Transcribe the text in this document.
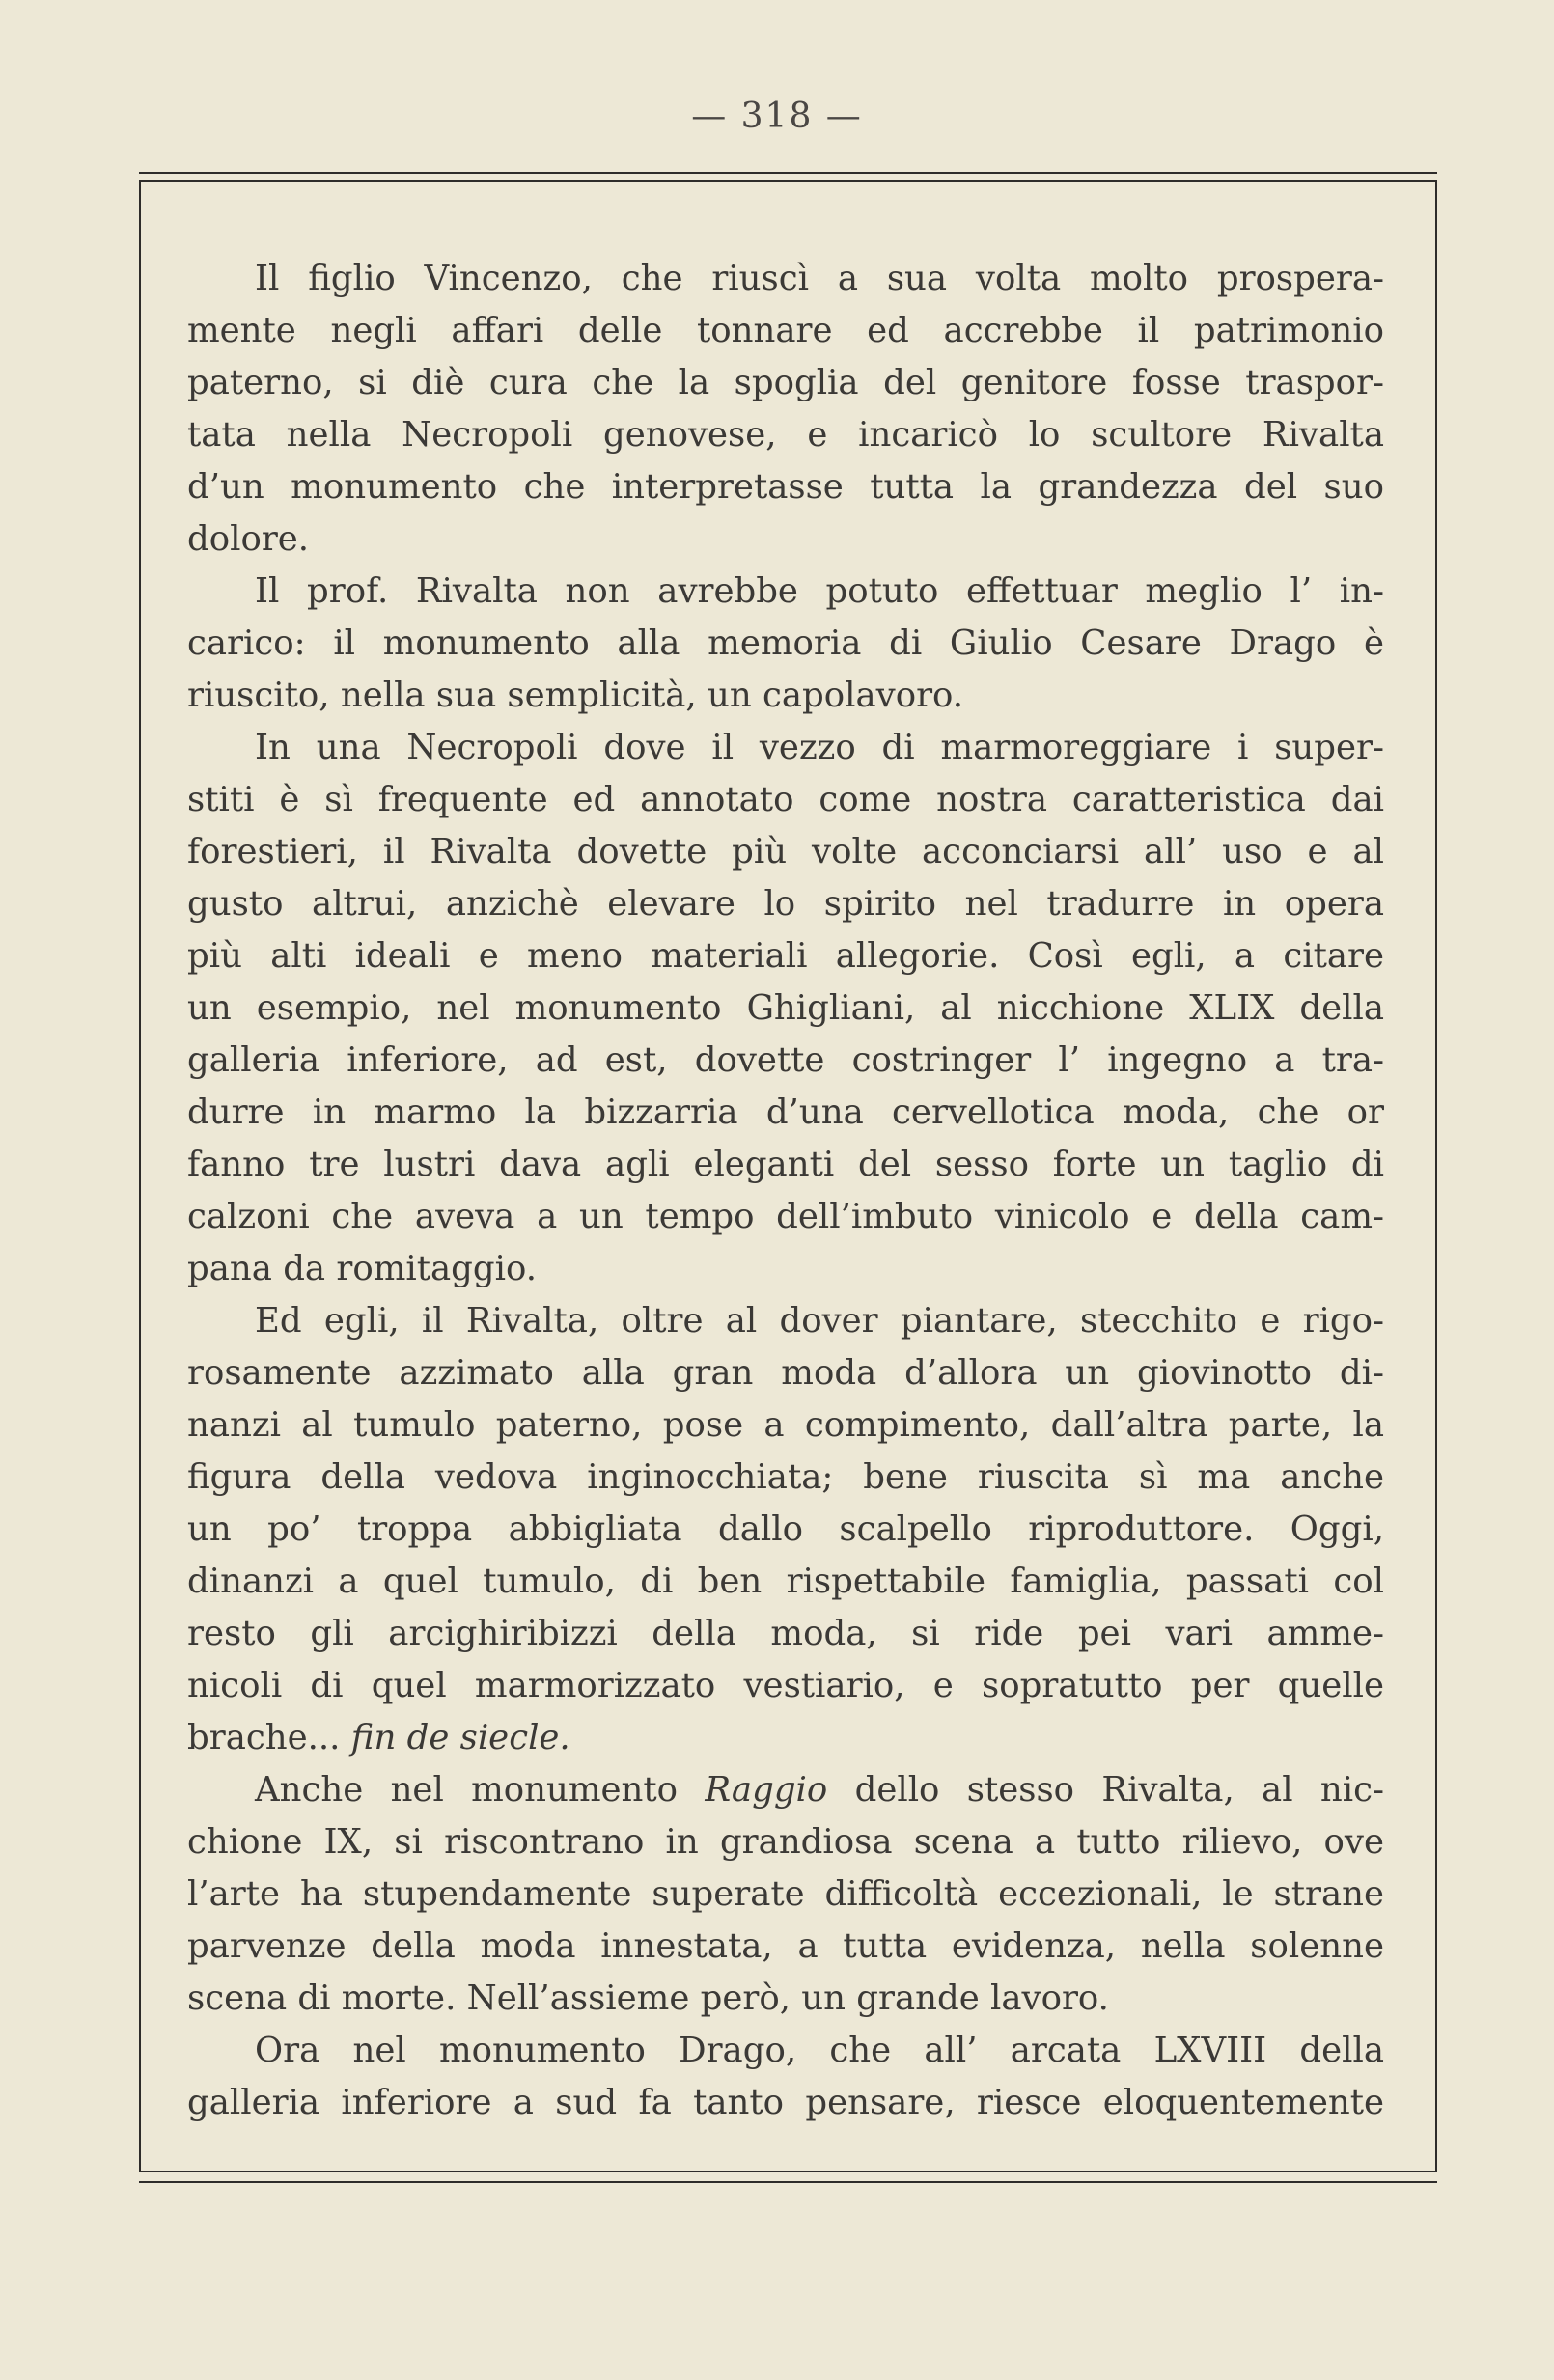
— 318 —
Il figlio Vincenzo, che riuscì a sua volta molto prospera-
mente negli affari delle tonnare ed accrebbe il patrimonio
paterno, si diè cura che la spoglia del genitore fosse traspor-
tata nella Necropoli genovese, e incaricò lo scultore Rivalta
d’un monumento che interpretasse tutta la grandezza del suo
dolore.
Il prof. Rivalta non avrebbe potuto effettuar meglio l’ in-
carico: il monumento alla memoria di Giulio Cesare Drago è
riuscito, nella sua semplicità, un capolavoro.
In una Necropoli dove il vezzo di marmoreggiare i super-
stiti è sì frequente ed annotato come nostra caratteristica dai
forestieri, il Rivalta dovette più volte acconciarsi all’ uso e al
gusto altrui, anzichè elevare lo spirito nel tradurre in opera
più alti ideali e meno materiali allegorie. Così egli, a citare
un esempio, nel monumento Ghigliani, al nicchione XLIX della
galleria inferiore, ad est, dovette costringer l’ ingegno a tra-
durre in marmo la bizzarria d’una cervellotica moda, che or
fanno tre lustri dava agli eleganti del sesso forte un taglio di
calzoni che aveva a un tempo dell’imbuto vinicolo e della cam-
pana da romitaggio.
Ed egli, il Rivalta, oltre al dover piantare, stecchito e rigo-
rosamente azzimato alla gran moda d’allora un giovinotto di-
nanzi al tumulo paterno, pose a compimento, dall’altra parte, la
figura della vedova inginocchiata; bene riuscita sì ma anche
un po’ troppa abbigliata dallo scalpello riproduttore. Oggi,
dinanzi a quel tumulo, di ben rispettabile famiglia, passati col
resto gli arcighiribizzi della moda, si ride pei vari amme-
nicoli di quel marmorizzato vestiario, e sopratutto per quelle
brache... fin de siecle.
Anche nel monumento Raggio dello stesso Rivalta, al nic-
chione IX, si riscontrano in grandiosa scena a tutto rilievo, ove
l’arte ha stupendamente superate difficoltà eccezionali, le strane
parvenze della moda innestata, a tutta evidenza, nella solenne
scena di morte. Nell’assieme però, un grande lavoro.
Ora nel monumento Drago, che all’ arcata LXVIII della
galleria inferiore a sud fa tanto pensare, riesce eloquentemente
